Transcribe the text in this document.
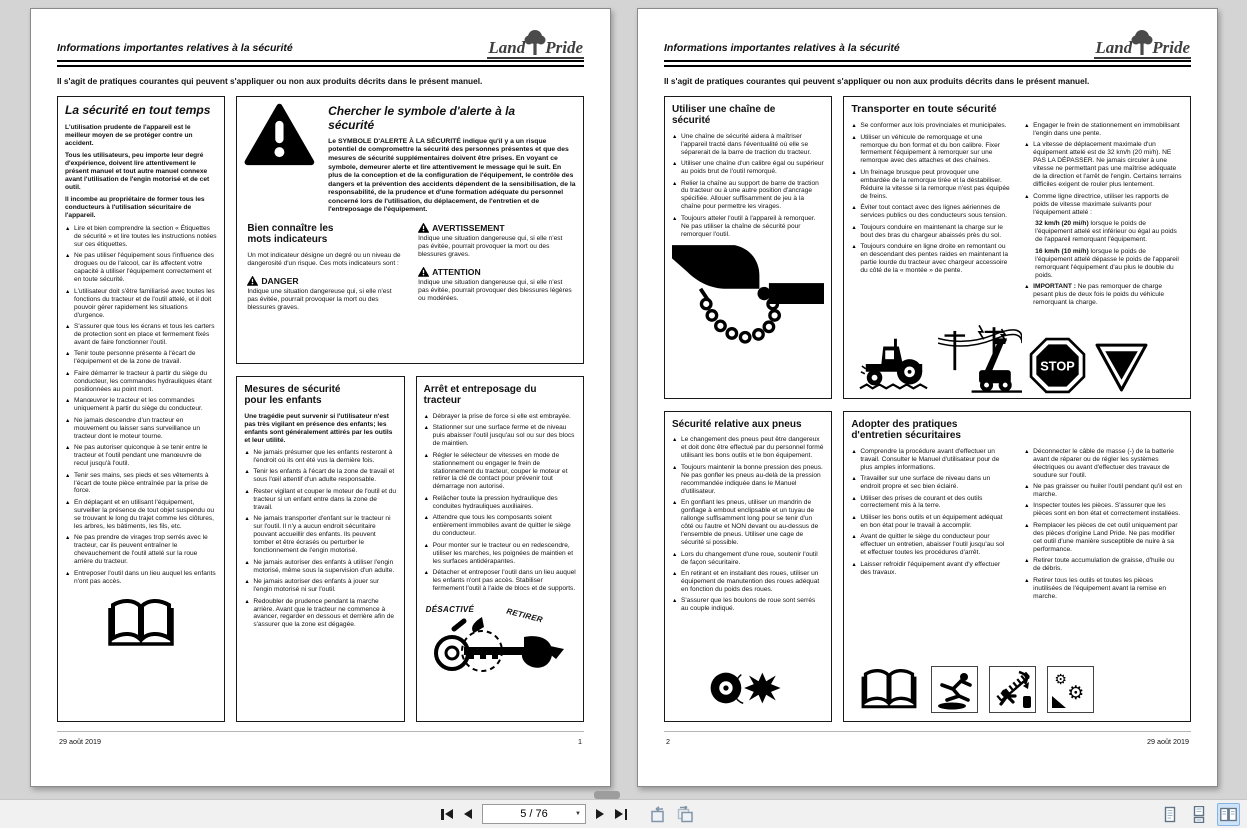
Informations importantes relatives à la sécurité	Land Pride
Il s'agit de pratiques courantes qui peuvent s'appliquer ou non aux produits décrits dans le présent manuel.
La sécurité en tout temps

L'utilisation prudente de l'appareil est le meilleur moyen de se protéger contre un accident.

Tous les utilisateurs, peu importe leur degré d'expérience, doivent lire attentivement le présent manuel et tout autre manuel connexe avant l'utilisation de l'engin motorisé et de cet outil.

Il incombe au propriétaire de former tous les conducteurs à l'utilisation sécuritaire de l'appareil.

▲
Lire et bien comprendre la section « Étiquettes de sécurité » et lire toutes les instructions notées sur ces étiquettes.
▲
Ne pas utiliser l'équipement sous l'influence des drogues ou de l'alcool, car ils affectent votre capacité à utiliser l'équipement correctement et en toute sécurité.
▲
L'utilisateur doit s'être familiarisé avec toutes les fonctions du tracteur et de l'outil attelé, et il doit pouvoir gérer rapidement les situations d'urgence.
▲
S'assurer que tous les écrans et tous les carters de protection sont en place et fermement fixés avant de faire fonctionner l'outil.
▲
Tenir toute personne présente à l'écart de l'équipement et de la zone de travail.
▲
Faire démarrer le tracteur à partir du siège du conducteur, les commandes hydrauliques étant positionnées au point mort.
▲
Manœuvrer le tracteur et les commandes uniquement à partir du siège du conducteur.
▲
Ne jamais descendre d'un tracteur en mouvement ou laisser sans surveillance un tracteur dont le moteur tourne.
▲
Ne pas autoriser quiconque à se tenir entre le tracteur et l'outil pendant une manœuvre de recul jusqu'à l'outil.
▲
Tenir ses mains, ses pieds et ses vêtements à l'écart de toute pièce entraînée par la prise de force.
▲
En déplaçant et en utilisant l'équipement, surveiller la présence de tout objet suspendu ou se trouvant le long du trajet comme les clôtures, les arbres, les bâtiments, les fils, etc.
▲
Ne pas prendre de virages trop serrés avec le tracteur, car ils peuvent entraîner le chevauchement de l'outil attelé sur la roue arrière du tracteur.
▲
Entreposer l'outil dans un lieu auquel les enfants n'ont pas accès.
Chercher le symbole d'alerte à la sécurité
Le SYMBOLE D'ALERTE À LA SÉCURITÉ indique qu'il y a un risque potentiel de compromettre la sécurité des personnes présentes et que des mesures de sécurité supplémentaires doivent être prises. En voyant ce symbole, demeurer alerte et lire attentivement le message qui le suit. En plus de la conception et de la configuration de l'équipement, le contrôle des dangers et la prévention des accidents dépendent de la sensibilisation, de la responsabilité, de la prudence et d'une formation adéquate du personnel concerné lors de l'utilisation, du déplacement, de l'entretien et de l'entreposage de l'équipement.
Bien connaître les mots indicateurs
Un mot indicateur désigne un degré ou un niveau de dangerosité d'un risque. Ces mots indicateurs sont :
DANGER
Indique une situation dangereuse qui, si elle n'est pas évitée, pourrait provoquer la mort ou des blessures graves.
AVERTISSEMENT
Indique une situation dangereuse qui, si elle n'est pas évitée, pourrait provoquer la mort ou des blessures graves.
ATTENTION
Indique une situation dangereuse qui, si elle n'est pas évitée, pourrait provoquer des blessures légères ou modérées.
Mesures de sécurité pour les enfants

Une tragédie peut survenir si l'utilisateur n'est pas très vigilant en présence des enfants; les enfants sont généralement attirés par les outils et leur utilité.

▲
Ne jamais présumer que les enfants resteront à l'endroit où ils ont été vus la dernière fois.
▲
Tenir les enfants à l'écart de la zone de travail et sous l'œil attentif d'un adulte responsable.
▲
Rester vigilant et couper le moteur de l'outil et du tracteur si un enfant entre dans la zone de travail.
▲
Ne jamais transporter d'enfant sur le tracteur ni sur l'outil. Il n'y a aucun endroit sécuritaire pouvant accueillir des enfants. Ils peuvent tomber et être écrasés ou perturber le fonctionnement de l'engin motorisé.
▲
Ne jamais autoriser des enfants à utiliser l'engin motorisé, même sous la supervision d'un adulte.
▲
Ne jamais autoriser des enfants à jouer sur l'engin motorisé ni sur l'outil.
▲
Redoubler de prudence pendant la marche arrière. Avant que le tracteur ne commence à avancer, regarder en dessous et derrière afin de s'assurer que la zone est dégagée.
Arrêt et entreposage du tracteur
▲
Débrayer la prise de force si elle est embrayée.
▲
Stationner sur une surface ferme et de niveau puis abaisser l'outil jusqu'au sol ou sur des blocs de maintien.
▲
Régler le sélecteur de vitesses en mode de stationnement ou engager le frein de stationnement du tracteur, couper le moteur et retirer la clé de contact pour prévenir tout démarrage non autorisé.
▲
Relâcher toute la pression hydraulique des conduites hydrauliques auxiliaires.
▲
Attendre que tous les composants soient entièrement immobiles avant de quitter le siège du conducteur.
▲
Pour monter sur le tracteur ou en redescendre, utiliser les marches, les poignées de maintien et les surfaces antidérapantes.
▲
Détacher et entreposer l'outil dans un lieu auquel les enfants n'ont pas accès. Stabiliser fermement l'outil à l'aide de blocs et de supports.
DÉSACTIVÉ	RETIRER
29 août 2019	1
Informations importantes relatives à la sécurité	Land Pride
Il s'agit de pratiques courantes qui peuvent s'appliquer ou non aux produits décrits dans le présent manuel.
Utiliser une chaîne de sécurité
▲
Une chaîne de sécurité aidera à maîtriser l'appareil tracté dans l'éventualité où elle se séparerait de la barre de traction du tracteur.
▲
Utiliser une chaîne d'un calibre égal ou supérieur au poids brut de l'outil remorqué.
▲
Relier la chaîne au support de barre de traction du tracteur ou à une autre position d'ancrage spécifiée. Allouer suffisamment de jeu à la chaîne pour permettre les virages.
▲
Toujours atteler l'outil à l'appareil à remorquer. Ne pas utiliser la chaîne de sécurité pour remorquer l'outil.
Transporter en toute sécurité
▲
Se conformer aux lois provinciales et municipales.
▲
Utiliser un véhicule de remorquage et une remorque du bon format et du bon calibre. Fixer fermement l'équipement à remorquer sur une remorque avec des attaches et des chaînes.
▲
Un freinage brusque peut provoquer une embardée de la remorque tirée et la déstabiliser. Réduire la vitesse si la remorque n'est pas équipée de freins.
▲
Éviter tout contact avec des lignes aériennes de services publics ou des conducteurs sous tension.
▲
Toujours conduire en maintenant la charge sur le bout des bras du chargeur abaissés près du sol.
▲
Toujours conduire en ligne droite en remontant ou en descendant des pentes raides en maintenant la partie lourde du tracteur avec chargeur accessoire du côté de la « montée » de pente.
▲
Engager le frein de stationnement en immobilisant l'engin dans une pente.
▲
La vitesse de déplacement maximale d'un équipement attelé est de 32 km/h (20 mi/h). NE PAS LA DÉPASSER. Ne jamais circuler à une vitesse ne permettant pas une maîtrise adéquate de la direction et l'arrêt de l'engin. Certains terrains difficiles exigent de rouler plus lentement.
▲
Comme ligne directrice, utiliser les rapports de poids de vitesse maximale suivants pour l'équipement attelé :
32 km/h (20 mi/h) lorsque le poids de l'équipement attelé est inférieur ou égal au poids de l'appareil remorquant l'équipement.
16 km/h (10 mi/h) lorsque le poids de l'équipement attelé dépasse le poids de l'appareil remorquant l'équipement d'au plus le double du poids.
▲
IMPORTANT : Ne pas remorquer de charge pesant plus de deux fois le poids du véhicule remorquant la charge.
STOP
Sécurité relative aux pneus
▲
Le changement des pneus peut être dangereux et doit donc être effectué par du personnel formé utilisant les bons outils et le bon équipement.
▲
Toujours maintenir la bonne pression des pneus. Ne pas gonfler les pneus au-delà de la pression recommandée indiquée dans le Manuel d'utilisateur.
▲
En gonflant les pneus, utiliser un mandrin de gonflage à embout enclipsable et un tuyau de rallonge suffisamment long pour se tenir d'un côté ou l'autre et NON devant ou au-dessus de l'ensemble de pneus. Utiliser une cage de sécurité si possible.
▲
Lors du changement d'une roue, soutenir l'outil de façon sécuritaire.
▲
En retirant et en installant des roues, utiliser un équipement de manutention des roues adéquat en fonction du poids des roues.
▲
S'assurer que les boulons de roue sont serrés au couple indiqué.
Adopter des pratiques d'entretien sécuritaires
▲
Comprendre la procédure avant d'effectuer un travail. Consulter le Manuel d'utilisateur pour de plus amples informations.
▲
Travailler sur une surface de niveau dans un endroit propre et sec bien éclairé.
▲
Utiliser des prises de courant et des outils correctement mis à la terre.
▲
Utiliser les bons outils et un équipement adéquat en bon état pour le travail à accomplir.
▲
Avant de quitter le siège du conducteur pour effectuer un entretien, abaisser l'outil jusqu'au sol et effectuer toutes les procédures d'arrêt.
▲
Laisser refroidir l'équipement avant d'y effectuer des travaux.
▲
Déconnecter le câble de masse (-) de la batterie avant de réparer ou de régler les systèmes électriques ou avant d'effectuer des travaux de soudure sur l'outil.
▲
Ne pas graisser ou huiler l'outil pendant qu'il est en marche.
▲
Inspecter toutes les pièces. S'assurer que les pièces sont en bon état et correctement installées.
▲
Remplacer les pièces de cet outil uniquement par des pièces d'origine Land Pride. Ne pas modifier cet outil d'une manière susceptible de nuire à sa performance.
▲
Retirer toute accumulation de graisse, d'huile ou de débris.
▲
Retirer tous les outils et toutes les pièces inutilisées de l'équipement avant la remise en marche.
⚙
⚙
2	29 août 2019
5 / 76
▼
